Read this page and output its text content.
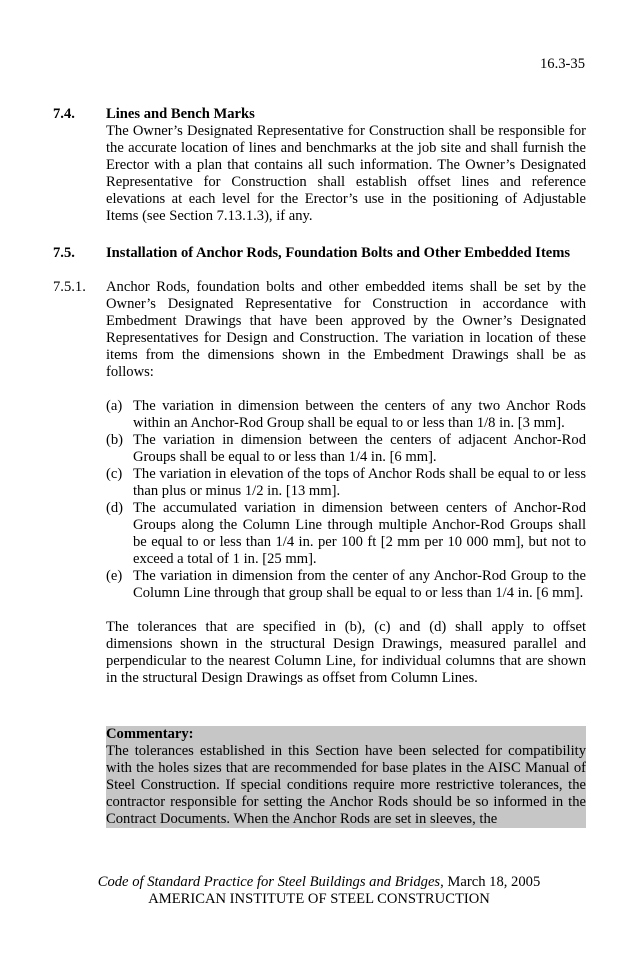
16.3-35
7.4. Lines and Bench Marks
The Owner’s Designated Representative for Construction shall be responsible for the accurate location of lines and benchmarks at the job site and shall furnish the Erector with a plan that contains all such information. The Owner’s Designated Representative for Construction shall establish offset lines and reference elevations at each level for the Erector’s use in the positioning of Adjustable Items (see Section 7.13.1.3), if any.
7.5. Installation of Anchor Rods, Foundation Bolts and Other Embedded Items
7.5.1. Anchor Rods, foundation bolts and other embedded items shall be set by the Owner’s Designated Representative for Construction in accordance with Embedment Drawings that have been approved by the Owner’s Designated Representatives for Design and Construction. The variation in location of these items from the dimensions shown in the Embedment Drawings shall be as follows:
(a) The variation in dimension between the centers of any two Anchor Rods within an Anchor-Rod Group shall be equal to or less than 1/8 in. [3 mm].
(b) The variation in dimension between the centers of adjacent Anchor-Rod Groups shall be equal to or less than 1/4 in. [6 mm].
(c) The variation in elevation of the tops of Anchor Rods shall be equal to or less than plus or minus 1/2 in. [13 mm].
(d) The accumulated variation in dimension between centers of Anchor-Rod Groups along the Column Line through multiple Anchor-Rod Groups shall be equal to or less than 1/4 in. per 100 ft [2 mm per 10 000 mm], but not to exceed a total of 1 in. [25 mm].
(e) The variation in dimension from the center of any Anchor-Rod Group to the Column Line through that group shall be equal to or less than 1/4 in. [6 mm].
The tolerances that are specified in (b), (c) and (d) shall apply to offset dimensions shown in the structural Design Drawings, measured parallel and perpendicular to the nearest Column Line, for individual columns that are shown in the structural Design Drawings as offset from Column Lines.
Commentary:
The tolerances established in this Section have been selected for compatibility with the holes sizes that are recommended for base plates in the AISC Manual of Steel Construction. If special conditions require more restrictive tolerances, the contractor responsible for setting the Anchor Rods should be so informed in the Contract Documents. When the Anchor Rods are set in sleeves, the
Code of Standard Practice for Steel Buildings and Bridges, March 18, 2005
AMERICAN INSTITUTE OF STEEL CONSTRUCTION
